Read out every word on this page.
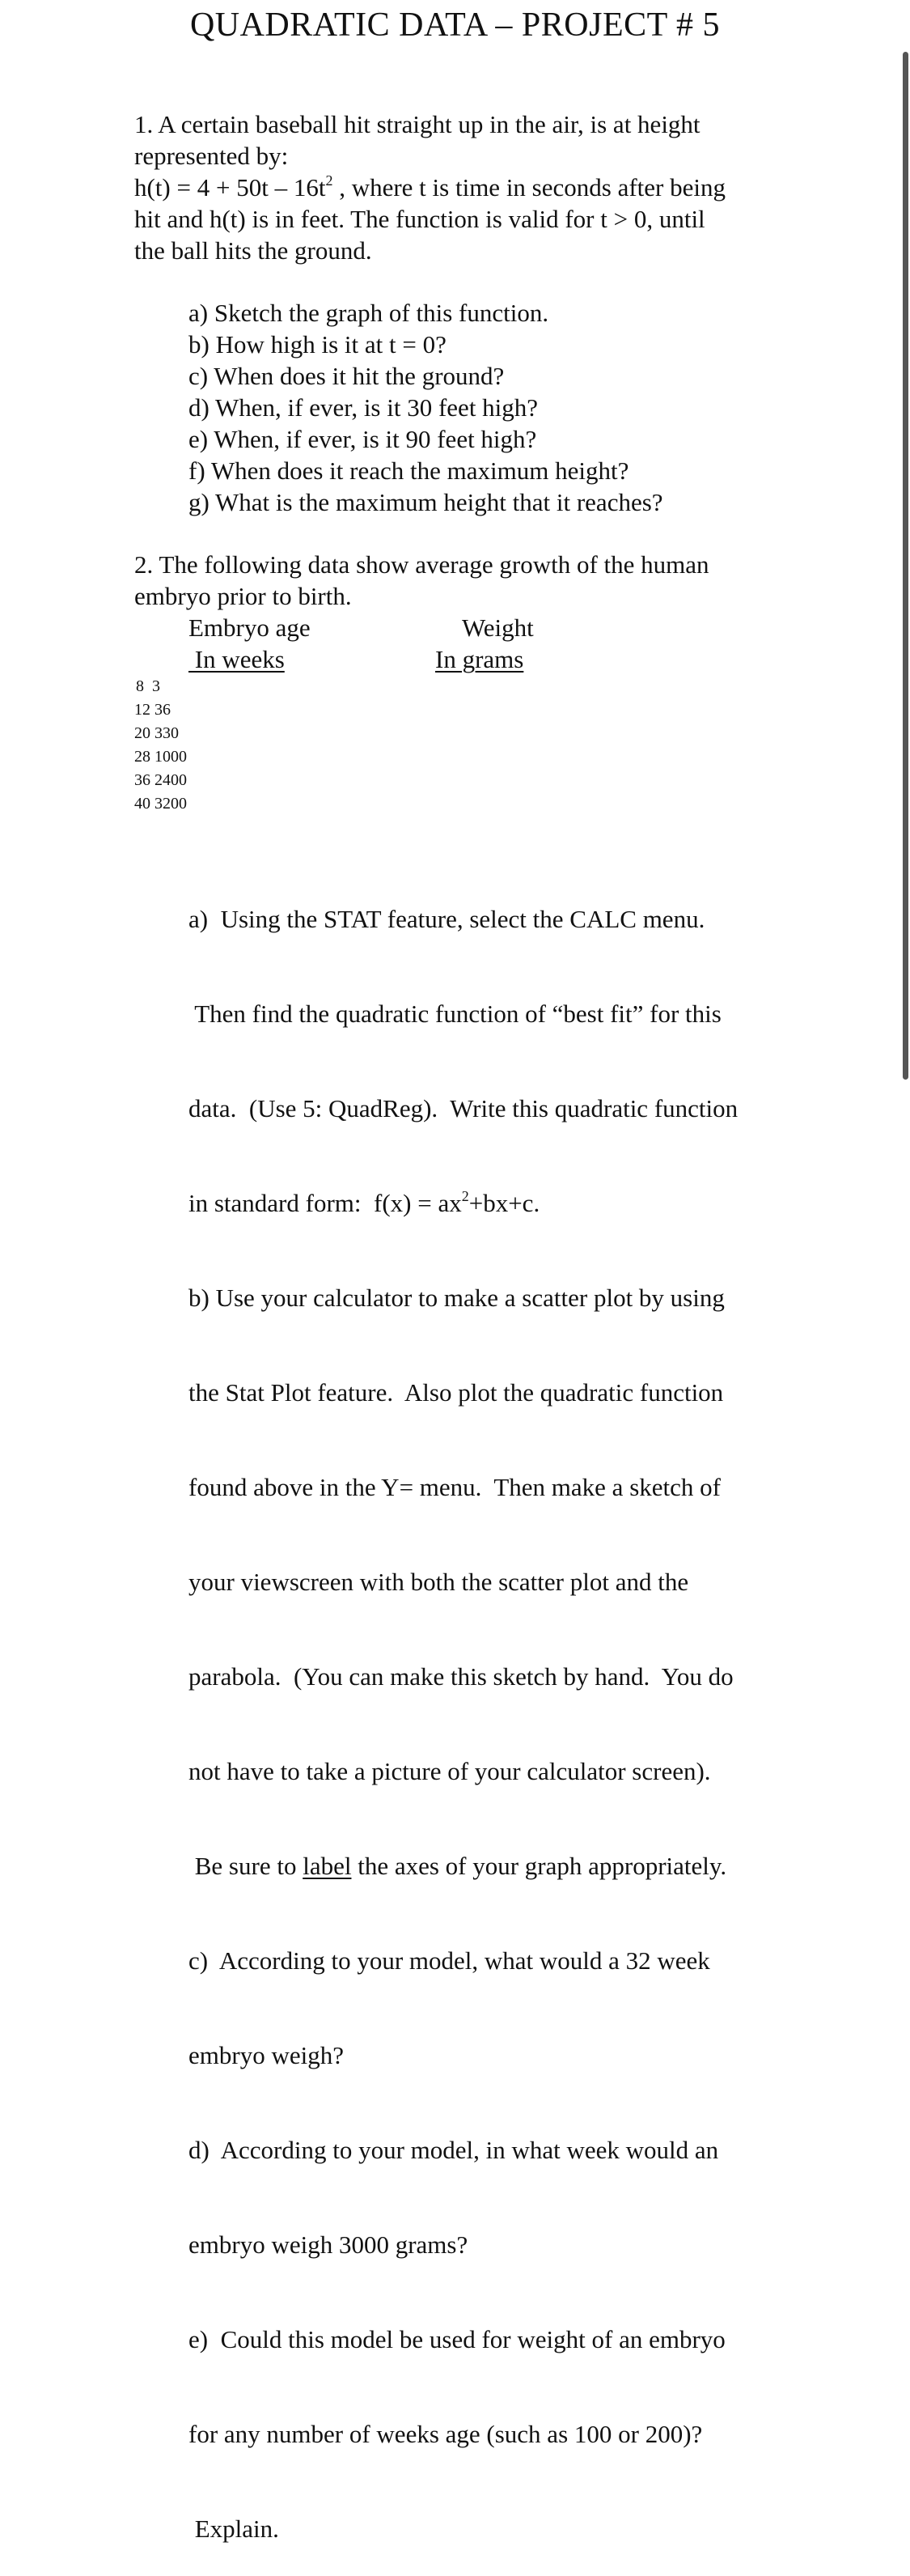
QUADRATIC DATA – PROJECT # 5
1. A certain baseball hit straight up in the air, is at height
represented by:
$h(t) = 4 + 50t - 16t^2$ , where t is time in seconds after being
hit and h(t) is in feet. The function is valid for t > 0, until
the ball hits the ground.
a) Sketch the graph of this function.
b) How high is it at t = 0?
c) When does it hit the ground?
d) When, if ever, is it 30 feet high?
e) When, if ever, is it 90 feet high?
f) When does it reach the maximum height?
g) What is the maximum height that it reaches?
2. The following data show average growth of the human
embryo prior to birth.
Embryo age
In weeks
Weight
In grams
8  3
12 36
20 330
28 1000
36 2400
40 3200

a)  Using the STAT feature, select the CALC menu.

Then find the quadratic function of “best fit” for this

data.  (Use 5: QuadReg).  Write this quadratic function

in standard form:  $f(x) = ax^2+bx+c$.

b) Use your calculator to make a scatter plot by using

the Stat Plot feature.  Also plot the quadratic function

found above in the Y= menu.  Then make a sketch of

your viewscreen with both the scatter plot and the

parabola.  (You can make this sketch by hand.  You do

not have to take a picture of your calculator screen).

Be sure to label the axes of your graph appropriately.

c)  According to your model, what would a 32 week

embryo weigh?

d)  According to your model, in what week would an

embryo weigh 3000 grams?

e)  Could this model be used for weight of an embryo

for any number of weeks age (such as 100 or 200)?

Explain.
